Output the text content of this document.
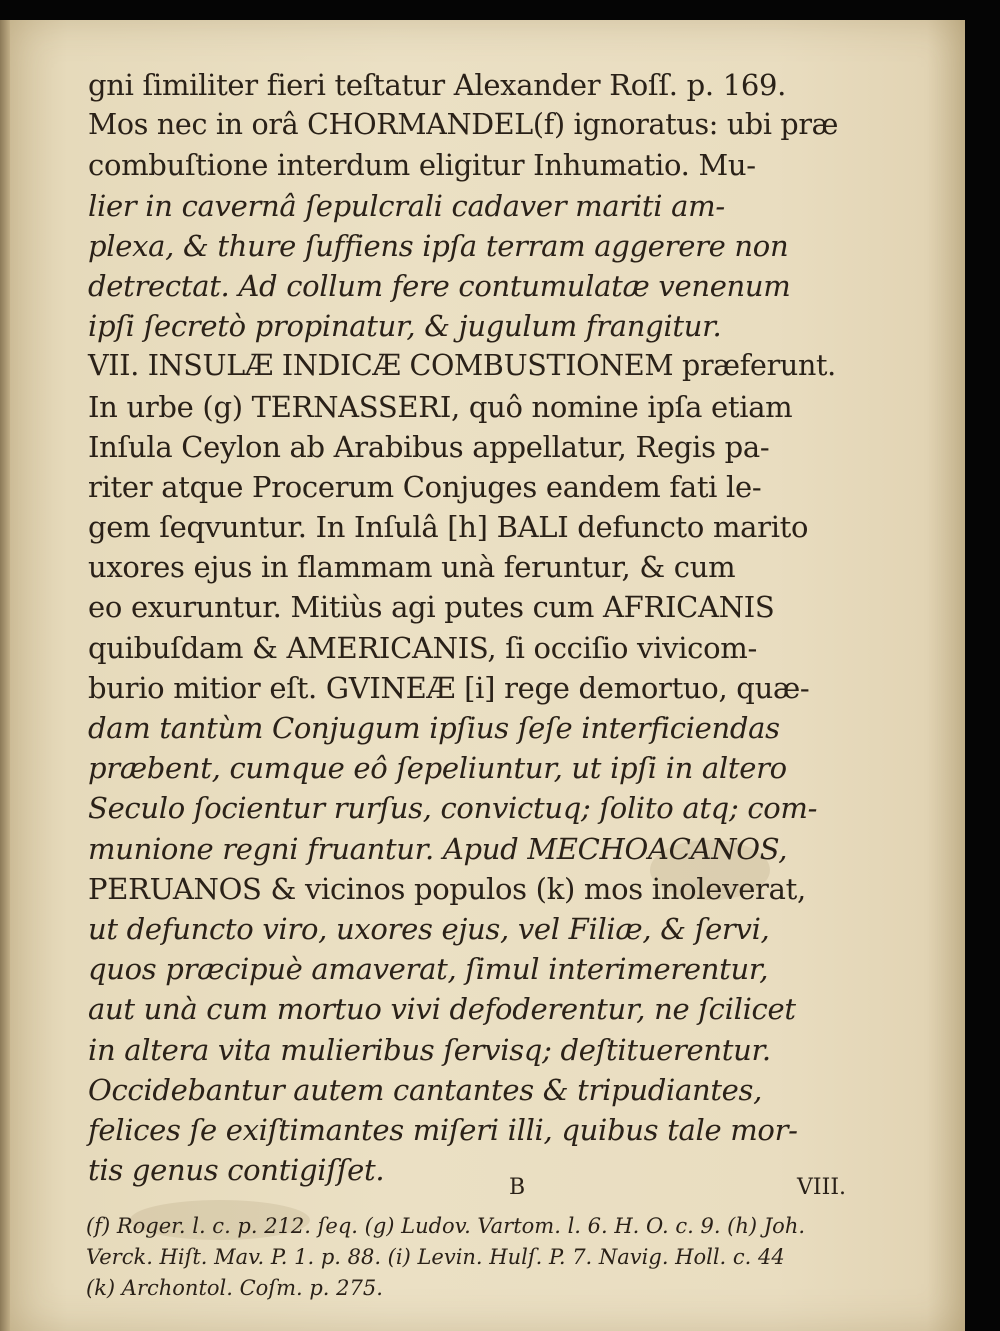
gni ſimiliter fieri teſtatur Alexander Roſſ. p. 169.
Mos nec in orâ CHORMANDEL(f) ignoratus: ubi præ
combuſtione interdum eligitur Inhumatio. Mu-
lier in cavernâ ſepulcrali cadaver mariti am-
plexa, & thure ſuffiens ipſa terram aggerere non
detrectat. Ad collum fere contumulatæ venenum
ipſi ſecretò propinatur, & jugulum frangitur.
VII. INSULÆ INDICÆ COMBUSTIONEM præferunt.
In urbe (g) TERNASSERI, quô nomine ipſa etiam
Inſula Ceylon ab Arabibus appellatur, Regis pa-
riter atque Procerum Conjuges eandem fati le-
gem ſeqvuntur. In Inſulâ [h] BALI defuncto marito
uxores ejus in flammam unà feruntur, & cum
eo exuruntur. Mitiùs agi putes cum AFRICANIS
quibuſdam & AMERICANIS, ſi occiſio vivicom-
burio mitior eſt. GVINEÆ [i] rege demortuo, quæ-
dam tantùm Conjugum ipſius ſeſe interficiendas
præbent, cumque eô ſepeliuntur, ut ipſi in altero
Seculo ſocientur rurſus, convictuq; ſolito atq; com-
munione regni fruantur. Apud MECHOACANOS,
PERUANOS & vicinos populos (k) mos inoleverat,
ut defuncto viro, uxores ejus, vel Filiæ, & ſervi,
quos præcipuè amaverat, ſimul interimerentur,
aut unà cum mortuo vivi defoderentur, ne ſcilicet
in altera vita mulieribus ſervisq; deſtituerentur.
Occidebantur autem cantantes & tripudiantes,
felices ſe exiſtimantes miſeri illi, quibus tale mor-
tis genus contigiſſet.
B	VIII.
(f) Roger. l. c. p. 212. ſeq. (g) Ludov. Vartom. l. 6. H. O. c. 9. (h) Joh.
Verck. Hiſt. Mav. P. 1. p. 88. (i) Levin. Hulſ. P. 7. Navig. Holl. c. 44
(k) Archontol. Coſm. p. 275.
